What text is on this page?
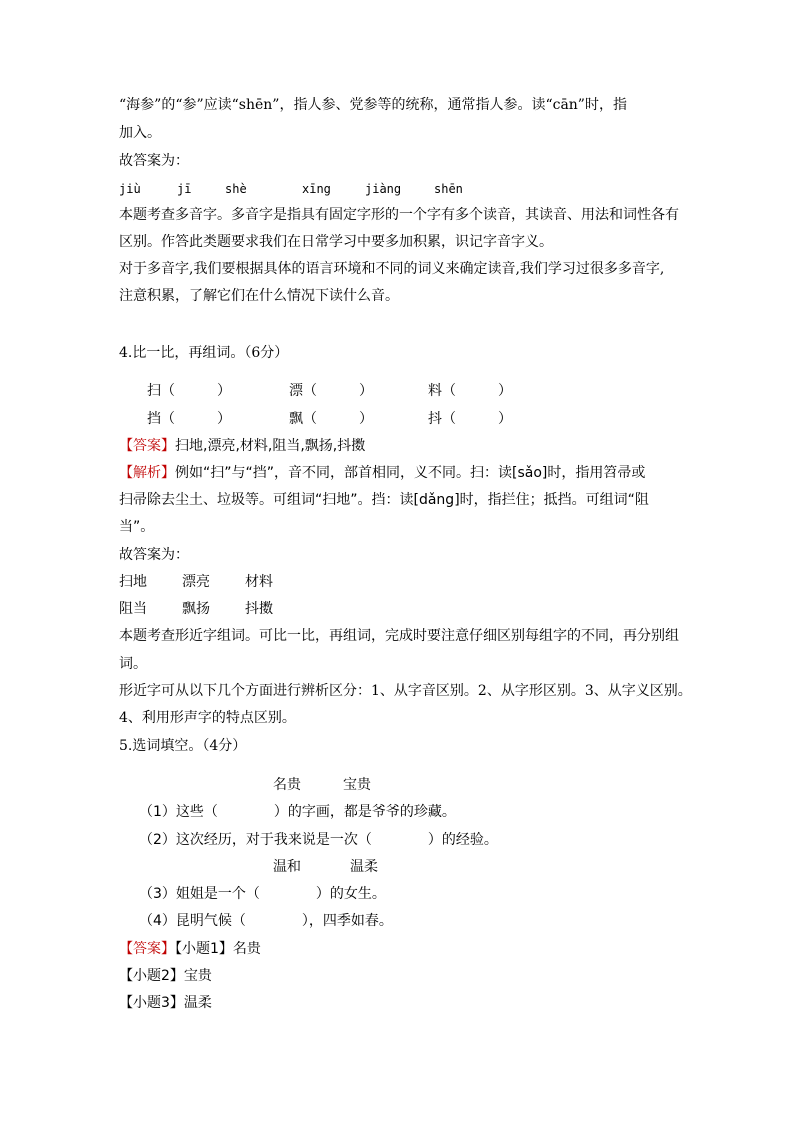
“海参”的“参”应读“shēn”，指人参、党参等的统称，通常指人参。读“cān”时，指
加入。
故答案为：
jiù	jī	shè	xīng	jiàng	shēn
本题考查多音字。多音字是指具有固定字形的一个字有多个读音，其读音、用法和词性各有
区别。作答此类题要求我们在日常学习中要多加积累，识记字音字义。
对于多音字,我们要根据具体的语言环境和不同的词义来确定读音,我们学习过很多多音字,
注意积累，了解它们在什么情况下读什么音。
4.比一比，再组词。（6分）
扫（　　　）	漂（　　　）	料（　　　）
挡（　　　）	飘（　　　）	抖（　　　）
【答案】扫地,漂亮,材料,阻当,飘扬,抖擞
【解析】例如“扫”与“挡”，音不同，部首相同，义不同。扫：读[sǎo]时，指用笤帚或
扫帚除去尘土、垃圾等。可组词“扫地”。挡：读[dǎng]时，指拦住；抵挡。可组词“阻
当”。
故答案为：
扫地	漂亮	材料
阻当	飘扬	抖擞
本题考查形近字组词。可比一比，再组词，完成时要注意仔细区别每组字的不同，再分别组
词。
形近字可从以下几个方面进行辨析区分：1、从字音区别。2、从字形区别。3、从字义区别。
4、利用形声字的特点区别。
5.选词填空。（4分）
名贵	宝贵
（1）这些（　　　　）的字画，都是爷爷的珍藏。
（2）这次经历，对于我来说是一次（　　　　）的经验。
温和	温柔
（3）姐姐是一个（　　　　）的女生。
（4）昆明气候（　　　　），四季如春。
【答案】【小题1】名贵
【小题2】宝贵
【小题3】温柔
